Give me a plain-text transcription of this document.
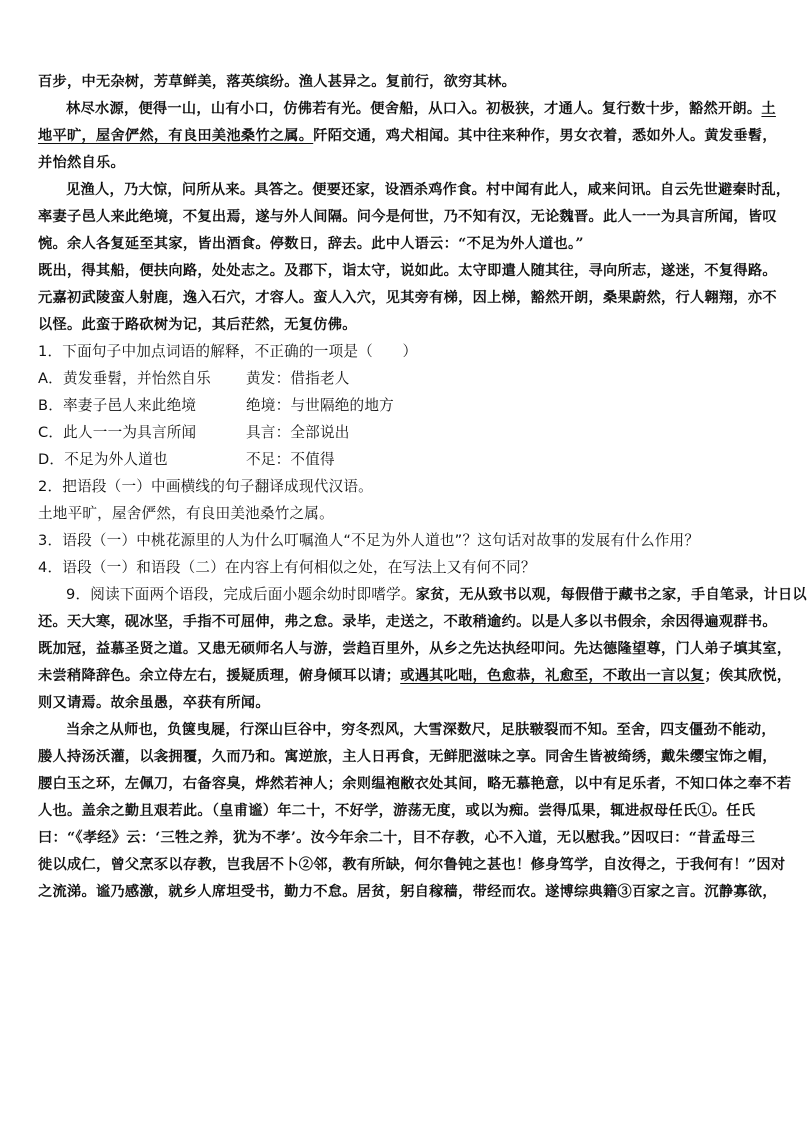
百步，中无杂树，芳草鲜美，落英缤纷。渔人甚异之。复前行，欲穷其林。
林尽水源，便得一山，山有小口，仿佛若有光。便舍船，从口入。初极狭，才通人。复行数十步，豁然开朗。土
地平旷，屋舍俨然，有良田美池桑竹之属。阡陌交通，鸡犬相闻。其中往来种作，男女衣着，悉如外人。黄发垂髫，
并怡然自乐。
见渔人，乃大惊，问所从来。具答之。便要还家，设酒杀鸡作食。村中闻有此人，咸来问讯。自云先世避秦时乱，
率妻子邑人来此绝境，不复出焉，遂与外人间隔。问今是何世，乃不知有汉，无论魏晋。此人一一为具言所闻，皆叹
惋。余人各复延至其家，皆出酒食。停数日，辞去。此中人语云：“不足为外人道也。”
既出，得其船，便扶向路，处处志之。及郡下，诣太守，说如此。太守即遣人随其往，寻向所志，遂迷，不复得路。
元嘉初武陵蛮人射鹿，逸入石穴，才容人。蛮人入穴，见其旁有梯，因上梯，豁然开朗，桑果蔚然，行人翱翔，亦不
以怪。此蛮于路砍树为记，其后茫然，无复仿佛。
1．下面句子中加点词语的解释，不正确的一项是（　　）
A．黄发垂髫，并怡然自乐 黄发：借指老人
B．率妻子邑人来此绝境	绝境：与世隔绝的地方
C．此人一一为具言所闻	具言：全部说出
D．不足为外人道也	不足：不值得
2．把语段（一）中画横线的句子翻译成现代汉语。
土地平旷，屋舍俨然，有良田美池桑竹之属。
3．语段（一）中桃花源里的人为什么叮嘱渔人“不足为外人道也”？这句话对故事的发展有什么作用？
4．语段（一）和语段（二）在内容上有何相似之处，在写法上又有何不同？
9．阅读下面两个语段，完成后面小题余幼时即嗜学。家贫，无从致书以观，每假借于藏书之家，手自笔录，计日以
还。天大寒，砚冰坚，手指不可屈伸，弗之怠。录毕，走送之，不敢稍逾约。以是人多以书假余，余因得遍观群书。
既加冠，益慕圣贤之道。又患无硕师名人与游，尝趋百里外，从乡之先达执经叩问。先达德隆望尊，门人弟子填其室，
未尝稍降辞色。余立侍左右，援疑质理，俯身倾耳以请；或遇其叱咄，色愈恭，礼愈至，不敢出一言以复；俟其欣悦，
则又请焉。故余虽愚，卒获有所闻。
当余之从师也，负箧曳屣，行深山巨谷中，穷冬烈风，大雪深数尺，足肤皲裂而不知。至舍，四支僵劲不能动，
媵人持汤沃灌，以衾拥覆，久而乃和。寓逆旅，主人日再食，无鲜肥滋味之享。同舍生皆被绮绣，戴朱缨宝饰之帽，
腰白玉之环，左佩刀，右备容臭，烨然若神人；余则缊袍敝衣处其间，略无慕艳意，以中有足乐者，不知口体之奉不若
人也。盖余之勤且艰若此。（皇甫谧）年二十，不好学，游荡无度，或以为痴。尝得瓜果，辄进叔母任氏①。任氏
曰：“《孝经》云：‘三牲之养，犹为不孝’。汝今年余二十，目不存教，心不入道，无以慰我。”因叹曰：“昔孟母三
徙以成仁，曾父烹豕以存教，岂我居不卜②邻，教有所缺，何尔鲁钝之甚也！修身笃学，自汝得之，于我何有！”因对
之流涕。谧乃感激，就乡人席坦受书，勤力不怠。居贫，躬自稼穑，带经而农。遂博综典籍③百家之言。沉静寡欲，
